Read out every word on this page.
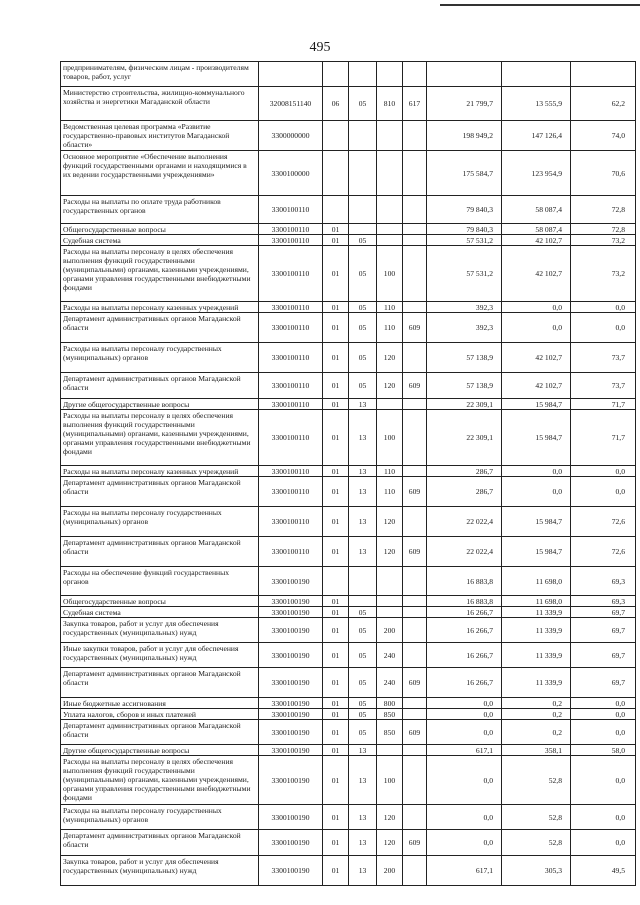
495
предпринимателям, физическим лицам - производителям товаров, работ, услуг								
Министерство строительства, жилищно-коммунального хозяйства и энергетики Магаданской области	32008151140	06	05	810	617	21 799,7	13 555,9	62,2
Ведомственная целевая программа «Развитие государственно-правовых институтов Магаданской области»	3300000000					198 949,2	147 126,4	74,0
Основное мероприятие «Обеспечение выполнения функций государственными органами и находящимися в их ведении государственными учреждениями»	3300100000					175 584,7	123 954,9	70,6
Расходы на выплаты по оплате труда работников государственных органов	3300100110					79 840,3	58 087,4	72,8
Общегосударственные вопросы	3300100110	01				79 840,3	58 087,4	72,8
Судебная система	3300100110	01	05			57 531,2	42 102,7	73,2
Расходы на выплаты персоналу в целях обеспечения выполнения функций государственными (муниципальными) органами, казенными учреждениями, органами управления государственными внебюджетными фондами	3300100110	01	05	100		57 531,2	42 102,7	73,2
Расходы на выплаты персоналу казенных учреждений	3300100110	01	05	110		392,3	0,0	0,0
Департамент административных органов Магаданской области	3300100110	01	05	110	609	392,3	0,0	0,0
Расходы на выплаты персоналу государственных (муниципальных) органов	3300100110	01	05	120		57 138,9	42 102,7	73,7
Департамент административных органов Магаданской области	3300100110	01	05	120	609	57 138,9	42 102,7	73,7
Другие общегосударственные вопросы	3300100110	01	13			22 309,1	15 984,7	71,7
Расходы на выплаты персоналу в целях обеспечения выполнения функций государственными (муниципальными) органами, казенными учреждениями, органами управления государственными внебюджетными фондами	3300100110	01	13	100		22 309,1	15 984,7	71,7
Расходы на выплаты персоналу казенных учреждений	3300100110	01	13	110		286,7	0,0	0,0
Департамент административных органов Магаданской области	3300100110	01	13	110	609	286,7	0,0	0,0
Расходы на выплаты персоналу государственных (муниципальных) органов	3300100110	01	13	120		22 022,4	15 984,7	72,6
Департамент административных органов Магаданской области	3300100110	01	13	120	609	22 022,4	15 984,7	72,6
Расходы на обеспечение функций государственных органов	3300100190					16 883,8	11 698,0	69,3
Общегосударственные вопросы	3300100190	01				16 883,8	11 698,0	69,3
Судебная система	3300100190	01	05			16 266,7	11 339,9	69,7
Закупка товаров, работ и услуг для обеспечения государственных (муниципальных) нужд	3300100190	01	05	200		16 266,7	11 339,9	69,7
Иные закупки товаров, работ и услуг для обеспечения государственных (муниципальных) нужд	3300100190	01	05	240		16 266,7	11 339,9	69,7
Департамент административных органов Магаданской области	3300100190	01	05	240	609	16 266,7	11 339,9	69,7
Иные бюджетные ассигнования	3300100190	01	05	800		0,0	0,2	0,0
Уплата налогов, сборов и иных платежей	3300100190	01	05	850		0,0	0,2	0,0
Департамент административных органов Магаданской области	3300100190	01	05	850	609	0,0	0,2	0,0
Другие общегосударственные вопросы	3300100190	01	13			617,1	358,1	58,0
Расходы на выплаты персоналу в целях обеспечения выполнения функций государственными (муниципальными) органами, казенными учреждениями, органами управления государственными внебюджетными фондами	3300100190	01	13	100		0,0	52,8	0,0
Расходы на выплаты персоналу государственных (муниципальных) органов	3300100190	01	13	120		0,0	52,8	0,0
Департамент административных органов Магаданской области	3300100190	01	13	120	609	0,0	52,8	0,0
Закупка товаров, работ и услуг для обеспечения государственных (муниципальных) нужд	3300100190	01	13	200		617,1	305,3	49,5
